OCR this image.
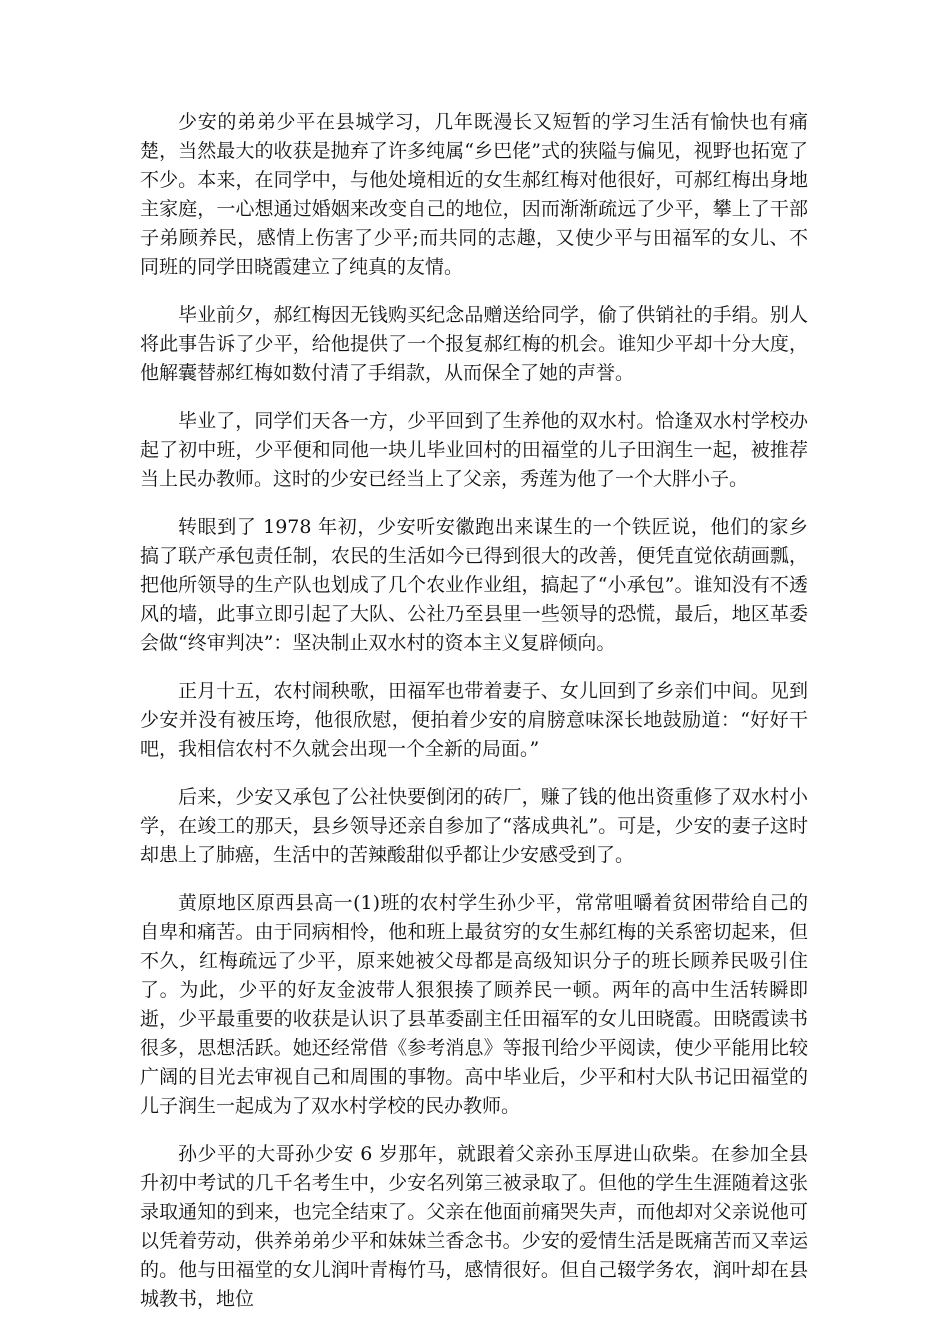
少安的弟弟少平在县城学习，几年既漫长又短暂的学习生活有愉快也有痛楚，当然最大的收获是抛弃了许多纯属“乡巴佬”式的狭隘与偏见，视野也拓宽了不少。本来，在同学中，与他处境相近的女生郝红梅对他很好，可郝红梅出身地主家庭，一心想通过婚姻来改变自己的地位，因而渐渐疏远了少平，攀上了干部子弟顾养民，感情上伤害了少平;而共同的志趣，又使少平与田福军的女儿、不同班的同学田晓霞建立了纯真的友情。

毕业前夕，郝红梅因无钱购买纪念品赠送给同学，偷了供销社的手绢。别人将此事告诉了少平，给他提供了一个报复郝红梅的机会。谁知少平却十分大度，他解囊替郝红梅如数付清了手绢款，从而保全了她的声誉。

毕业了，同学们天各一方，少平回到了生养他的双水村。恰逢双水村学校办起了初中班，少平便和同他一块儿毕业回村的田福堂的儿子田润生一起，被推荐当上民办教师。这时的少安已经当上了父亲，秀莲为他了一个大胖小子。

转眼到了 1978 年初，少安听安徽跑出来谋生的一个铁匠说，他们的家乡搞了联产承包责任制，农民的生活如今已得到很大的改善，便凭直觉依葫画瓢，把他所领导的生产队也划成了几个农业作业组，搞起了“小承包”。谁知没有不透风的墙，此事立即引起了大队、公社乃至县里一些领导的恐慌，最后，地区革委会做“终审判决”：坚决制止双水村的资本主义复辟倾向。

正月十五，农村闹秧歌，田福军也带着妻子、女儿回到了乡亲们中间。见到少安并没有被压垮，他很欣慰，便拍着少安的肩膀意味深长地鼓励道：“好好干吧，我相信农村不久就会出现一个全新的局面。”

后来，少安又承包了公社快要倒闭的砖厂，赚了钱的他出资重修了双水村小学，在竣工的那天，县乡领导还亲自参加了“落成典礼”。可是，少安的妻子这时却患上了肺癌，生活中的苦辣酸甜似乎都让少安感受到了。

黄原地区原西县高一(1)班的农村学生孙少平，常常咀嚼着贫困带给自己的自卑和痛苦。由于同病相怜，他和班上最贫穷的女生郝红梅的关系密切起来，但不久，红梅疏远了少平，原来她被父母都是高级知识分子的班长顾养民吸引住了。为此，少平的好友金波带人狠狠揍了顾养民一顿。两年的高中生活转瞬即逝，少平最重要的收获是认识了县革委副主任田福军的女儿田晓霞。田晓霞读书很多，思想活跃。她还经常借《参考消息》等报刊给少平阅读，使少平能用比较广阔的目光去审视自己和周围的事物。高中毕业后，少平和村大队书记田福堂的儿子润生一起成为了双水村学校的民办教师。

孙少平的大哥孙少安 6 岁那年，就跟着父亲孙玉厚进山砍柴。在参加全县升初中考试的几千名考生中，少安名列第三被录取了。但他的学生生涯随着这张录取通知的到来，也完全结束了。父亲在他面前痛哭失声，而他却对父亲说他可以凭着劳动，供养弟弟少平和妹妹兰香念书。少安的爱情生活是既痛苦而又幸运的。他与田福堂的女儿润叶青梅竹马，感情很好。但自己辍学务农，润叶却在县城教书，地位
